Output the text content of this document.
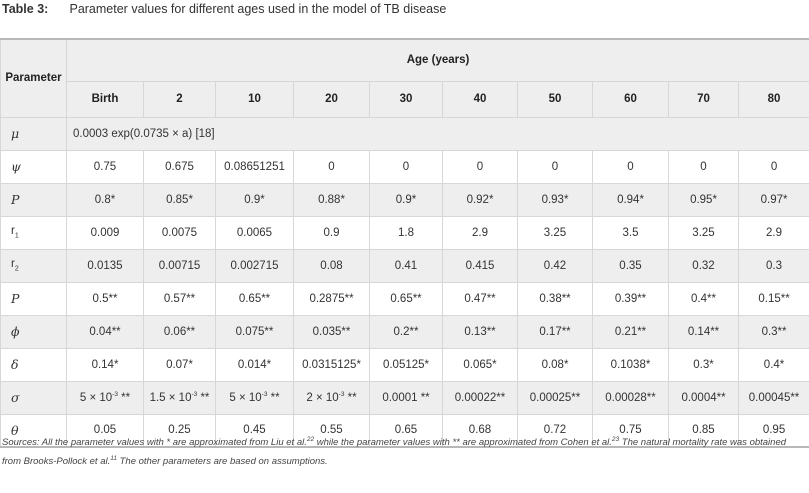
Table 3: Parameter values for different ages used in the model of TB disease
Parameter	Age (years)									
	Birth	2	10	20	30	40	50	60	70	80
μ	0.0003 exp(0.0735 × a) [18]									
ψ	0.75	0.675	0.08651251	0	0	0	0	0	0	0
P	0.8*	0.85*	0.9*	0.88*	0.9*	0.92*	0.93*	0.94*	0.95*	0.97*
$r_1$	0.009	0.0075	0.0065	0.9	1.8	2.9	3.25	3.5	3.25	2.9
$r_2$	0.0135	0.00715	0.002715	0.08	0.41	0.415	0.42	0.35	0.32	0.3
P	0.5**	0.57**	0.65**	0.2875**	0.65**	0.47**	0.38**	0.39**	0.4**	0.15**
ϕ	0.04**	0.06**	0.075**	0.035**	0.2**	0.13**	0.17**	0.21**	0.14**	0.3**
δ	0.14*	0.07*	0.014*	0.0315125*	0.05125*	0.065*	0.08*	0.1038*	0.3*	0.4*
σ	$5 \times 10^{-3}$ **	$1.5 \times 10^{-3}$ **	$5 \times 10^{-3}$ **	$2 \times 10^{-3}$ **	0.0001 **	0.00022**	0.00025**	0.00028**	0.0004**	0.00045**
θ	0.05	0.25	0.45	0.55	0.65	0.68	0.72	0.75	0.85	0.95
Sources: All the parameter values with * are approximated from Liu et al.$^{22}$ while the parameter values with ** are approximated from Cohen et al.$^{23}$ The natural mortality rate was obtained from Brooks-Pollock et al.$^{11}$ The other parameters are based on assumptions.
